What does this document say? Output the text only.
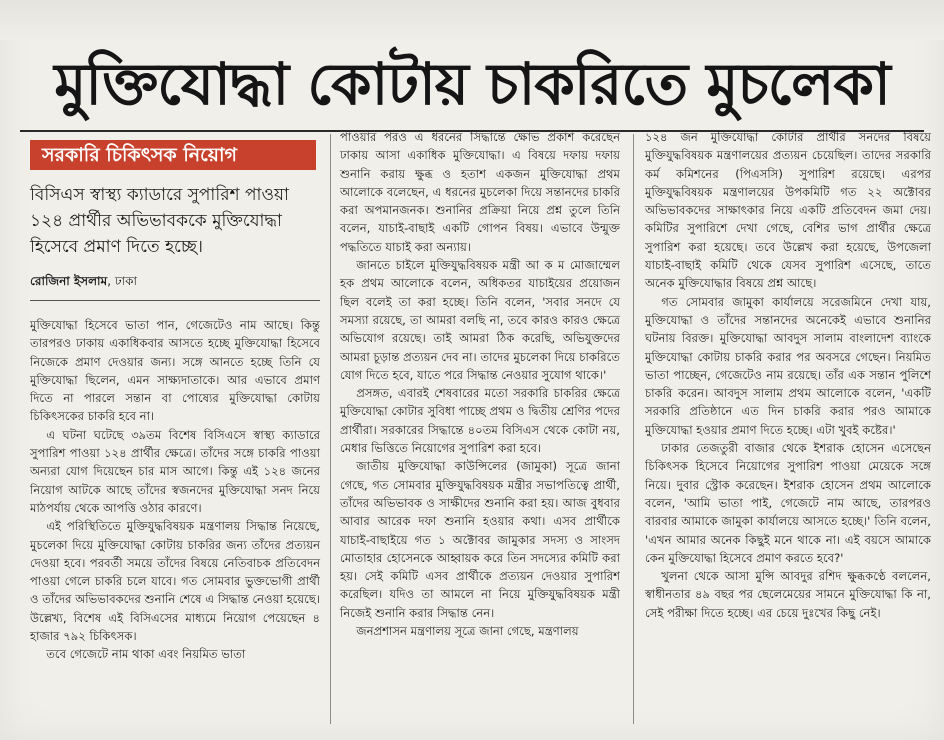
মুক্তিযোদ্ধা কোটায় চাকরিতে মুচলেকা
সরকারি চিকিৎসক নিয়োগ
বিসিএস স্বাস্থ্য ক্যাডারে সুপারিশ পাওয়া ১২৪ প্রার্থীর অভিভাবককে মুক্তিযোদ্ধা হিসেবে প্রমাণ দিতে হচ্ছে।
রোজিনা ইসলাম, ঢাকা

মুক্তিযোদ্ধা হিসেবে ভাতা পান, গেজেটেও নাম আছে। কিন্তু তারপরও ঢাকায় একাধিকবার আসতে হচ্ছে মুক্তিযোদ্ধা হিসেবে নিজেকে প্রমাণ দেওয়ার জন্য। সঙ্গে আনতে হচ্ছে তিনি যে মুক্তিযোদ্ধা ছিলেন, এমন সাক্ষ্যদাতাকে। আর এভাবে প্রমাণ দিতে না পারলে সন্তান বা পোষ্যের মুক্তিযোদ্ধা কোটায় চিকিৎসকের চাকরি হবে না।

এ ঘটনা ঘটেছে ৩৯তম বিশেষ বিসিএসে স্বাস্থ্য ক্যাডারে সুপারিশ পাওয়া ১২৪ প্রার্থীর ক্ষেত্রে। তাঁদের সঙ্গে চাকরি পাওয়া অন্যরা যোগ দিয়েছেন চার মাস আগে। কিন্তু এই ১২৪ জনের নিয়োগ আটকে আছে তাঁদের স্বজনদের মুক্তিযোদ্ধা সনদ নিয়ে মাঠপর্যায় থেকে আপত্তি ওঠার কারণে।

এই পরিস্থিতিতে মুক্তিযুদ্ধবিষয়ক মন্ত্রণালয় সিদ্ধান্ত নিয়েছে, মুচলেকা দিয়ে মুক্তিযোদ্ধা কোটায় চাকরির জন্য তাঁদের প্রত্যয়ন দেওয়া হবে। পরবর্তী সময়ে তাঁদের বিষয়ে নেতিবাচক প্রতিবেদন পাওয়া গেলে চাকরি চলে যাবে। গত সোমবার ভুক্তভোগী প্রার্থী ও তাঁদের অভিভাবকদের শুনানি শেষে এ সিদ্ধান্ত নেওয়া হয়েছে। উল্লেখ্য, বিশেষ এই বিসিএসের মাধ্যমে নিয়োগ পেয়েছেন ৪ হাজার ৭৯২ চিকিৎসক।

তবে গেজেটে নাম থাকা এবং নিয়মিত ভাতা

পাওয়ার পরও এ ধরনের সিদ্ধান্তে ক্ষোভ প্রকাশ করেছেন ঢাকায় আসা একাধিক মুক্তিযোদ্ধা। এ বিষয়ে দফায় দফায় শুনানি করায় ক্ষুব্ধ ও হতাশ একজন মুক্তিযোদ্ধা প্রথম আলোকে বলেছেন, এ ধরনের মুচলেকা দিয়ে সন্তানদের চাকরি করা অপমানজনক। শুনানির প্রক্রিয়া নিয়ে প্রশ্ন তুলে তিনি বলেন, যাচাই-বাছাই একটি গোপন বিষয়। এভাবে উন্মুক্ত পদ্ধতিতে যাচাই করা অন্যায়।

জানতে চাইলে মুক্তিযুদ্ধবিষয়ক মন্ত্রী আ ক ম মোজাম্মেল হক প্রথম আলোকে বলেন, অধিকতর যাচাইয়ের প্রয়োজন ছিল বলেই তা করা হচ্ছে। তিনি বলেন, 'সবার সনদে যে সমস্যা রয়েছে, তা আমরা বলছি না, তবে কারও কারও ক্ষেত্রে অভিযোগ রয়েছে। তাই আমরা ঠিক করেছি, অভিযুক্তদের আমরা চূড়ান্ত প্রত্যয়ন দেব না। তাদের মুচলেকা দিয়ে চাকরিতে যোগ দিতে হবে, যাতে পরে সিদ্ধান্ত নেওয়ার সুযোগ থাকে।'

প্রসঙ্গত, এবারই শেষবারের মতো সরকারি চাকরির ক্ষেত্রে মুক্তিযোদ্ধা কোটার সুবিধা পাচ্ছে প্রথম ও দ্বিতীয় শ্রেণির পদের প্রার্থীরা। সরকারের সিদ্ধান্তে ৪০তম বিসিএস থেকে কোটা নয়, মেধার ভিত্তিতে নিয়োগের সুপারিশ করা হবে।

জাতীয় মুক্তিযোদ্ধা কাউন্সিলের (জামুকা) সূত্রে জানা গেছে, গত সোমবার মুক্তিযুদ্ধবিষয়ক মন্ত্রীর সভাপতিত্বে প্রার্থী, তাঁদের অভিভাবক ও সাক্ষীদের শুনানি করা হয়। আজ বুধবার আবার আরেক দফা শুনানি হওয়ার কথা। এসব প্রার্থীকে যাচাই-বাছাইয়ে গত ১ অক্টোবর জামুকার সদস্য ও সাংসদ মোতাহার হোসেনকে আহ্বায়ক করে তিন সদস্যের কমিটি করা হয়। সেই কমিটি এসব প্রার্থীকে প্রত্যয়ন দেওয়ার সুপারিশ করেছিল। যদিও তা আমলে না নিয়ে মুক্তিযুদ্ধবিষয়ক মন্ত্রী নিজেই শুনানি করার সিদ্ধান্ত নেন।

জনপ্রশাসন মন্ত্রণালয় সূত্রে জানা গেছে, মন্ত্রণালয়

১২৪ জন মুক্তিযোদ্ধা কোটার প্রার্থীর সনদের বিষয়ে মুক্তিযুদ্ধবিষয়ক মন্ত্রণালয়ের প্রত্যয়ন চেয়েছিল। তাদের সরকারি কর্ম কমিশনের (পিএসসি) সুপারিশ রয়েছে। এরপর মুক্তিযুদ্ধবিষয়ক মন্ত্রণালয়ের উপকমিটি গত ২২ অক্টোবর অভিভাবকদের সাক্ষাৎকার নিয়ে একটি প্রতিবেদন জমা দেয়। কমিটির সুপারিশে দেখা গেছে, বেশির ভাগ প্রার্থীর ক্ষেত্রে সুপারিশ করা হয়েছে। তবে উল্লেখ করা হয়েছে, উপজেলা যাচাই-বাছাই কমিটি থেকে যেসব সুপারিশ এসেছে, তাতে অনেক মুক্তিযোদ্ধার বিষয়ে প্রশ্ন আছে।

গত সোমবার জামুকা কার্যালয়ে সরেজমিনে দেখা যায়, মুক্তিযোদ্ধা ও তাঁদের সন্তানদের অনেকেই এভাবে শুনানির ঘটনায় বিরক্ত। মুক্তিযোদ্ধা আবদুস সালাম বাংলাদেশ ব্যাংকে মুক্তিযোদ্ধা কোটায় চাকরি করার পর অবসরে গেছেন। নিয়মিত ভাতা পাচ্ছেন, গেজেটেও নাম রয়েছে। তাঁর এক সন্তান পুলিশে চাকরি করেন। আবদুস সালাম প্রথম আলোকে বলেন, 'একটি সরকারি প্রতিষ্ঠানে এত দিন চাকরি করার পরও আমাকে মুক্তিযোদ্ধা হওয়ার প্রমাণ দিতে হচ্ছে। এটা খুবই কষ্টের।'

ঢাকার তেজতুরী বাজার থেকে ইশরাক হোসেন এসেছেন চিকিৎসক হিসেবে নিয়োগের সুপারিশ পাওয়া মেয়েকে সঙ্গে নিয়ে। দুবার স্ট্রোক করেছেন। ইশরাক হোসেন প্রথম আলোকে বলেন, 'আমি ভাতা পাই, গেজেটে নাম আছে, তারপরও বারবার আমাকে জামুকা কার্যালয়ে আসতে হচ্ছে।' তিনি বলেন, 'এখন আমার অনেক কিছুই মনে থাকে না। এই বয়সে আমাকে কেন মুক্তিযোদ্ধা হিসেবে প্রমাণ করতে হবে?'

খুলনা থেকে আসা মুন্সি আবদুর রশিদ ক্ষুব্ধকণ্ঠে বললেন, স্বাধীনতার ৪৯ বছর পর ছেলেমেয়ের সামনে মুক্তিযোদ্ধা কি না, সেই পরীক্ষা দিতে হচ্ছে। এর চেয়ে দুঃখের কিছু নেই।
